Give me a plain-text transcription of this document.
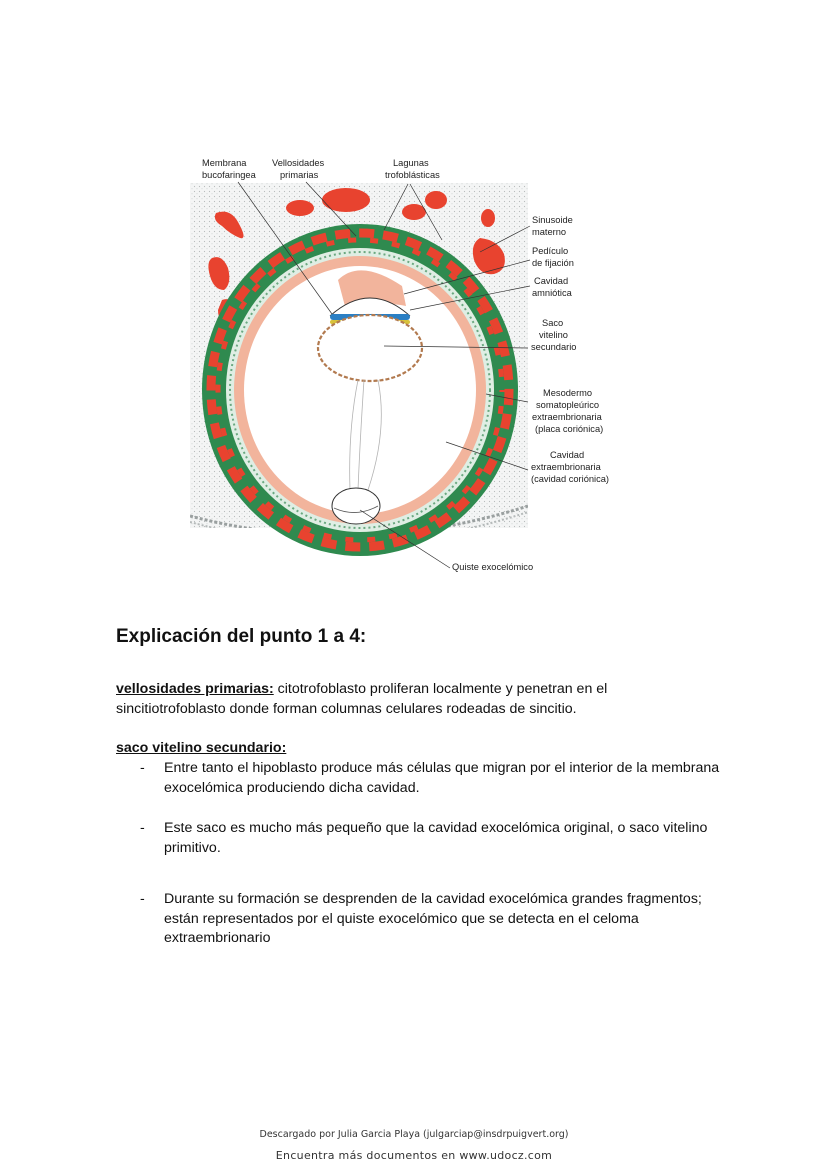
Membrana
bucofaringea
Vellosidades
primarias
Lagunas
trofoblásticas
Sinusoide
materno
Pedículo
de fijación
Cavidad
amniótica
Saco
vitelino
secundario
Mesodermo
somatopleúrico
extraembrionaria
(placa coriónica)
Cavidad
extraembrionaria
(cavidad coriónica)
Quiste exocelómico
Explicación del punto 1 a 4:
vellosidades primarias: citotrofoblasto proliferan localmente y penetran en el sincitiotrofoblasto donde forman columnas celulares rodeadas de sincitio.
saco vitelino secundario:
- Entre tanto el hipoblasto produce más células que migran por el interior de la membrana exocelómica produciendo dicha cavidad.
- Este saco es mucho más pequeño que la cavidad exocelómica original, o saco vitelino primitivo.
- Durante su formación se desprenden de la cavidad exocelómica grandes fragmentos; están representados por el quiste exocelómico que se detecta en el celoma extraembrionario
Descargado por Julia Garcia Playa (julgarciap@insdrpuigvert.org)
Encuentra más documentos en www.udocz.com
